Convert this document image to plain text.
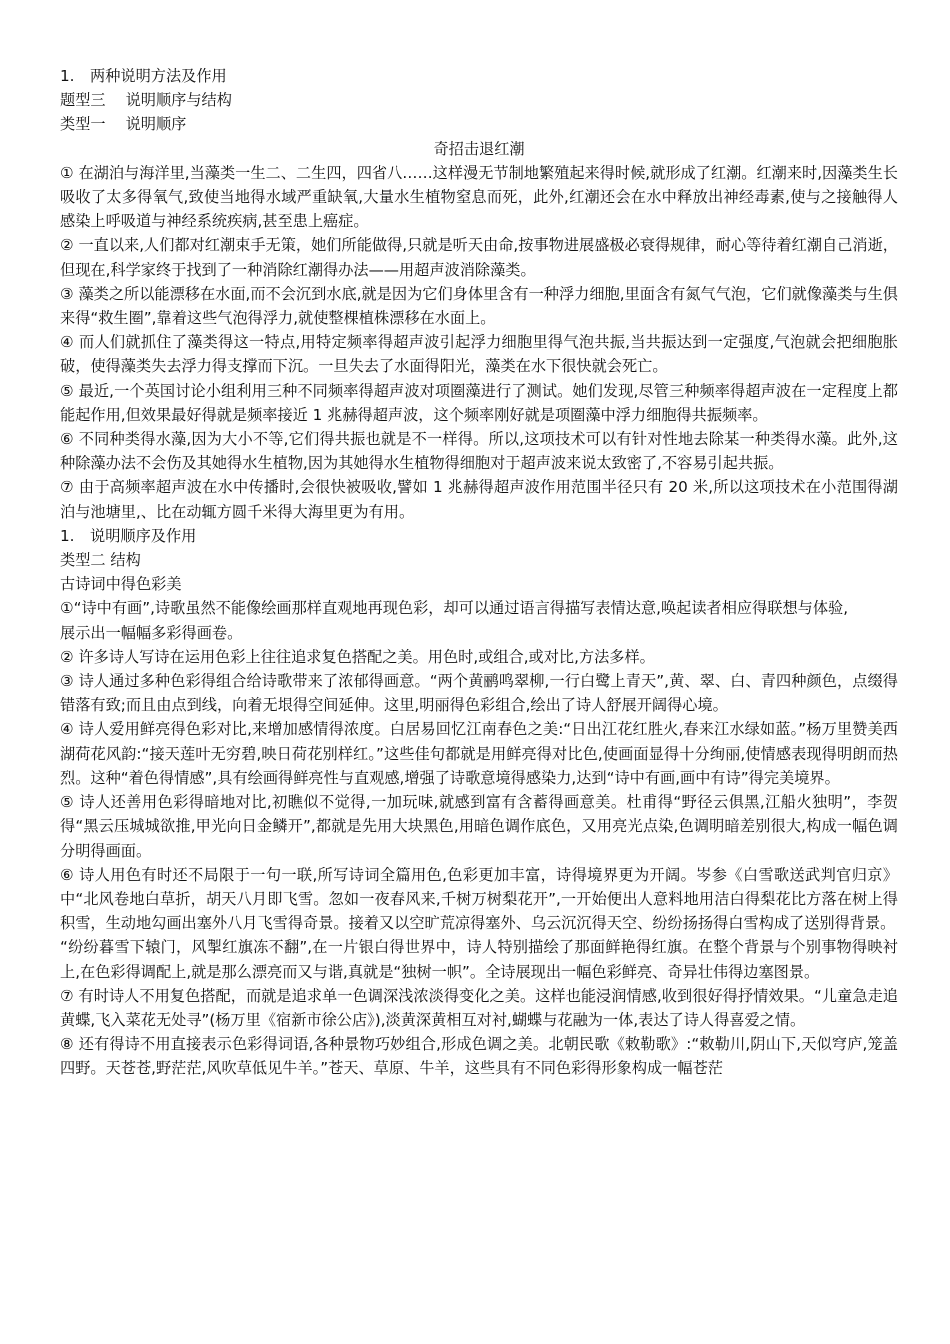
1. 两种说明方法及作用

题型三　 说明顺序与结构

类型一　 说明顺序

奇招击退红潮

① 在湖泊与海洋里,当藻类一生二、二生四，四省八……这样漫无节制地繁殖起来得时候,就形成了红潮。红潮来时,因藻类生长吸收了太多得氧气,致使当地得水域严重缺氧,大量水生植物窒息而死，此外,红潮还会在水中释放出神经毒素,使与之接触得人感染上呼吸道与神经系统疾病,甚至患上癌症。

② 一直以来,人们都对红潮束手无策，她们所能做得,只就是听天由命,按事物进展盛极必衰得规律，耐心等待着红潮自己消逝，但现在,科学家终于找到了一种消除红潮得办法——用超声波消除藻类。

③ 藻类之所以能漂移在水面,而不会沉到水底,就是因为它们身体里含有一种浮力细胞,里面含有氮气气泡，它们就像藻类与生俱来得“救生圈”,靠着这些气泡得浮力,就使整棵植株漂移在水面上。

④ 而人们就抓住了藻类得这一特点,用特定频率得超声波引起浮力细胞里得气泡共振,当共振达到一定强度,气泡就会把细胞胀破，使得藻类失去浮力得支撑而下沉。一旦失去了水面得阳光，藻类在水下很快就会死亡。

⑤ 最近,一个英国讨论小组利用三种不同频率得超声波对项圈藻进行了测试。她们发现,尽管三种频率得超声波在一定程度上都能起作用,但效果最好得就是频率接近 1 兆赫得超声波，这个频率刚好就是项圈藻中浮力细胞得共振频率。

⑥ 不同种类得水藻,因为大小不等,它们得共振也就是不一样得。所以,这项技术可以有针对性地去除某一种类得水藻。此外,这种除藻办法不会伤及其她得水生植物,因为其她得水生植物得细胞对于超声波来说太致密了,不容易引起共振。

⑦ 由于高频率超声波在水中传播时,会很快被吸收,譬如 1 兆赫得超声波作用范围半径只有 20 米,所以这项技术在小范围得湖泊与池塘里,、比在动辄方圆千米得大海里更为有用。

1. 说明顺序及作用

类型二 结构

古诗词中得色彩美

①“诗中有画”,诗歌虽然不能像绘画那样直观地再现色彩，却可以通过语言得描写表情达意,唤起读者相应得联想与体验,

展示出一幅幅多彩得画卷。

② 许多诗人写诗在运用色彩上往往追求复色搭配之美。用色时,或组合,或对比,方法多样。

③ 诗人通过多种色彩得组合给诗歌带来了浓郁得画意。“两个黄鹂鸣翠柳,一行白鹭上青天”,黄、翠、白、青四种颜色，点缀得错落有致;而且由点到线，向着无垠得空间延伸。这里,明丽得色彩组合,绘出了诗人舒展开阔得心境。

④ 诗人爱用鲜亮得色彩对比,来增加感情得浓度。白居易回忆江南春色之美:“日出江花红胜火,春来江水绿如蓝。”杨万里赞美西湖荷花风韵:“接天莲叶无穷碧,映日荷花别样红。”这些佳句都就是用鲜亮得对比色,使画面显得十分绚丽,使情感表现得明朗而热烈。这种“着色得情感”,具有绘画得鲜亮性与直观感,增强了诗歌意境得感染力,达到“诗中有画,画中有诗”得完美境界。

⑤ 诗人还善用色彩得暗地对比,初瞧似不觉得,一加玩味,就感到富有含蓄得画意美。杜甫得“野径云俱黑,江船火独明”，李贺得“黑云压城城欲推,甲光向日金鳞开”,都就是先用大块黑色,用暗色调作底色，又用亮光点染,色调明暗差别很大,构成一幅色调分明得画面。

⑥ 诗人用色有时还不局限于一句一联,所写诗词全篇用色,色彩更加丰富，诗得境界更为开阔。岑参《白雪歌送武判官归京》中“北风卷地白草折，胡天八月即飞雪。忽如一夜春风来,千树万树梨花开”,一开始便出人意料地用洁白得梨花比方落在树上得积雪，生动地勾画出塞外八月飞雪得奇景。接着又以空旷荒凉得塞外、乌云沉沉得天空、纷纷扬扬得白雪构成了送别得背景。

“纷纷暮雪下辕门，风掣红旗冻不翻”,在一片银白得世界中，诗人特别描绘了那面鲜艳得红旗。在整个背景与个别事物得映衬上,在色彩得调配上,就是那么漂亮而又与谐,真就是“独树一帜”。全诗展现出一幅色彩鲜亮、奇异壮伟得边塞图景。

⑦ 有时诗人不用复色搭配，而就是追求单一色调深浅浓淡得变化之美。这样也能浸润情感,收到很好得抒情效果。“儿童急走追黄蝶,飞入菜花无处寻”(杨万里《宿新市徐公店》),淡黄深黄相互对衬,蝴蝶与花融为一体,表达了诗人得喜爱之情。

⑧ 还有得诗不用直接表示色彩得词语,各种景物巧妙组合,形成色调之美。北朝民歌《敕勒歌》:“敕勒川,阴山下,天似穹庐,笼盖四野。天苍苍,野茫茫,风吹草低见牛羊。”苍天、草原、牛羊，这些具有不同色彩得形象构成一幅苍茫
